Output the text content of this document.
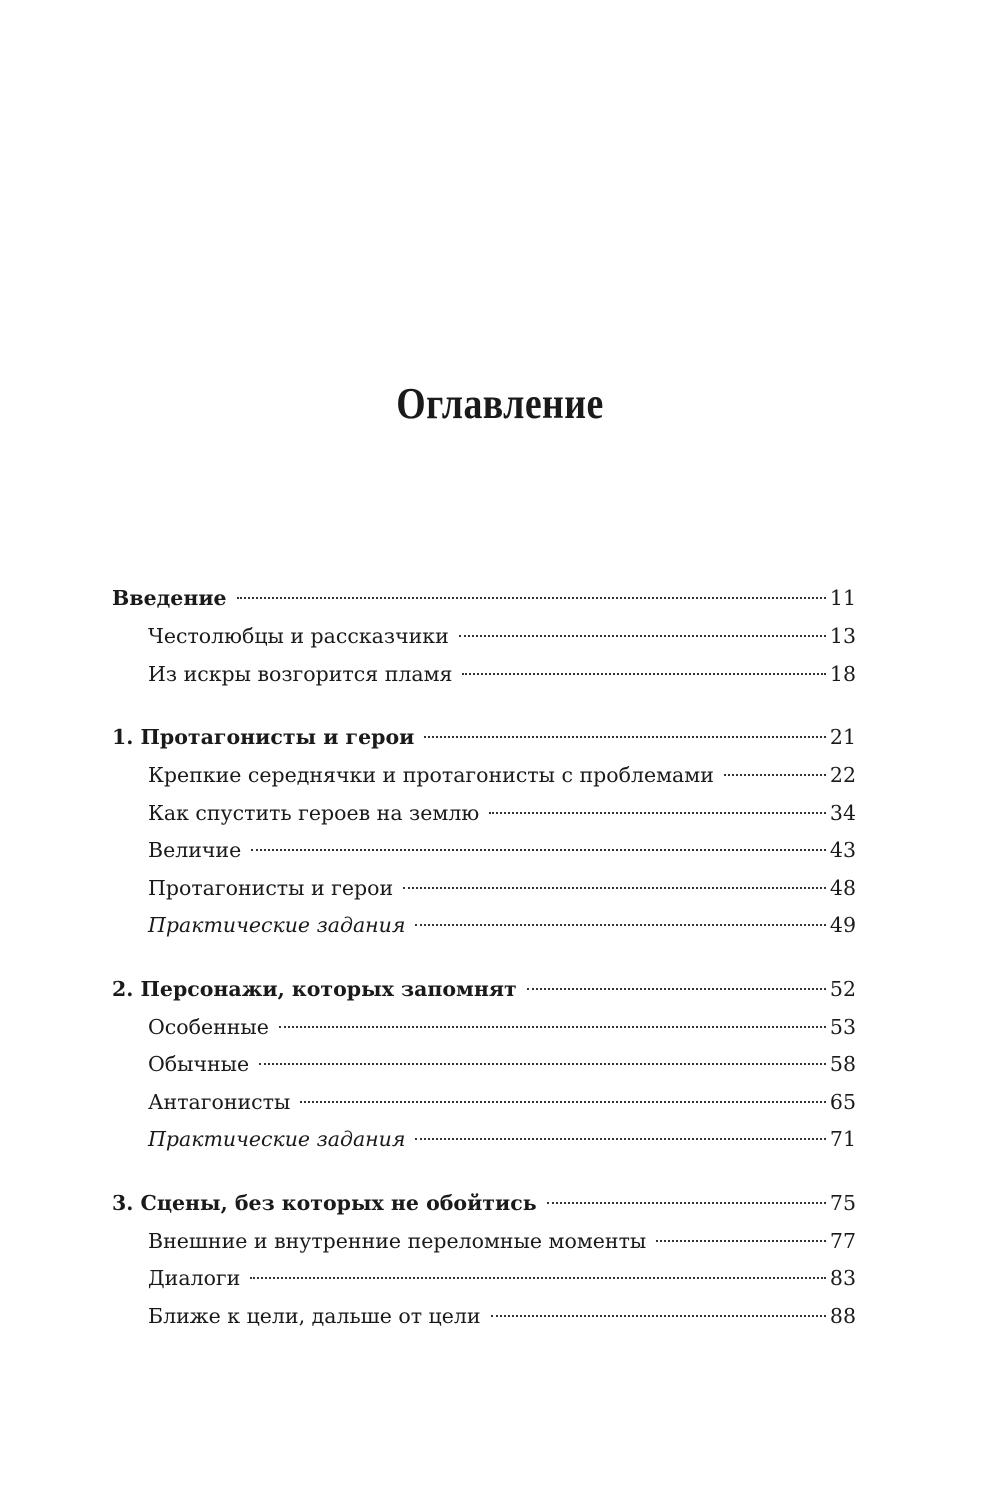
Оглавление
Введение	11
Честолюбцы и рассказчики	13
Из искры возгорится пламя	18
1. Протагонисты и герои	21
Крепкие середнячки и протагонисты с проблемами	22
Как спустить героев на землю	34
Величие	43
Протагонисты и герои	48
Практические задания	49
2. Персонажи, которых запомнят	52
Особенные	53
Обычные	58
Антагонисты	65
Практические задания	71
3. Сцены, без которых не обойтись	75
Внешние и внутренние переломные моменты	77
Диалоги	83
Ближе к цели, дальше от цели	88
